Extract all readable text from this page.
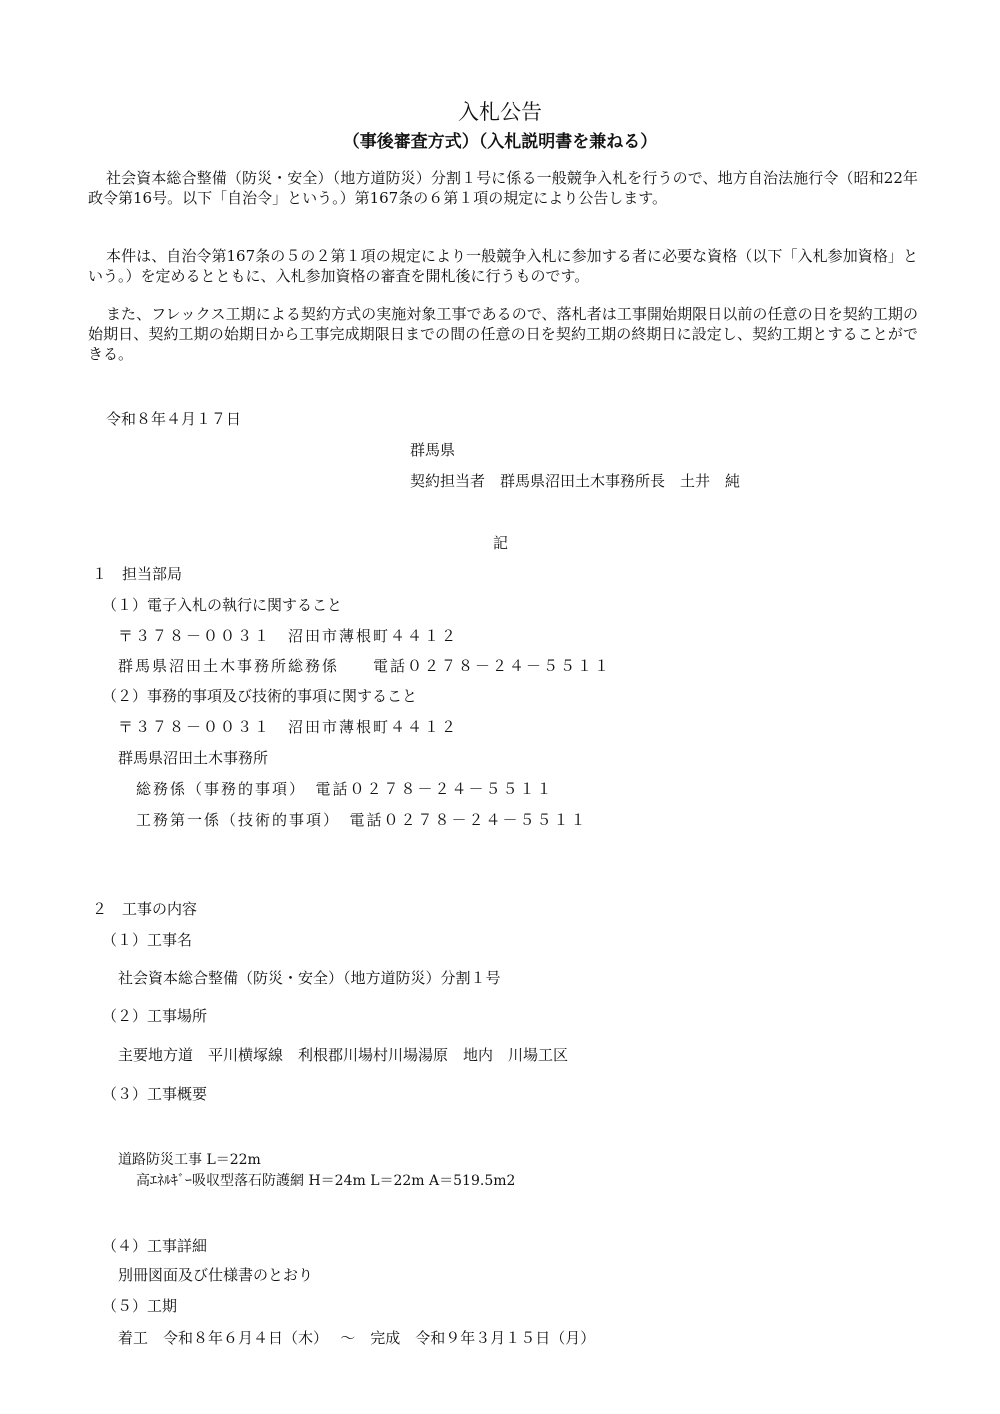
入札公告
（事後審査方式）（入札説明書を兼ねる）

社会資本総合整備（防災・安全）（地方道防災）分割１号に係る一般競争入札を行うので、地方自治法施行令（昭和22年政令第16号。以下「自治令」という。）第167条の６第１項の規定により公告します。

本件は、自治令第167条の５の２第１項の規定により一般競争入札に参加する者に必要な資格（以下「入札参加資格」という。）を定めるとともに、入札参加資格の審査を開札後に行うものです。

また、フレックス工期による契約方式の実施対象工事であるので、落札者は工事開始期限日以前の任意の日を契約工期の始期日、契約工期の始期日から工事完成期限日までの間の任意の日を契約工期の終期日に設定し、契約工期とすることができる。

令和８年４月１７日
群馬県
契約担当者　群馬県沼田土木事務所長　土井　純
記
１　担当部局
（１）電子入札の執行に関すること
〒３７８－００３１　沼田市薄根町４４１２
群馬県沼田土木事務所総務係　　電話０２７８－２４－５５１１
（２）事務的事項及び技術的事項に関すること
〒３７８－００３１　沼田市薄根町４４１２
群馬県沼田土木事務所
総務係（事務的事項）　電話０２７８－２４－５５１１
工務第一係（技術的事項）　電話０２７８－２４－５５１１
２　工事の内容
（１）工事名
社会資本総合整備（防災・安全）（地方道防災）分割１号
（２）工事場所
主要地方道　平川横塚線　利根郡川場村川場湯原　地内　川場工区
（３）工事概要
道路防災工事 L＝22m
高ｴﾈﾙｷﾞｰ吸収型落石防護網 H＝24m L＝22m A＝519.5m2
（４）工事詳細
別冊図面及び仕様書のとおり
（５）工期
着工　令和８年６月４日（木）　 ～　完成　令和９年３月１５日（月）
